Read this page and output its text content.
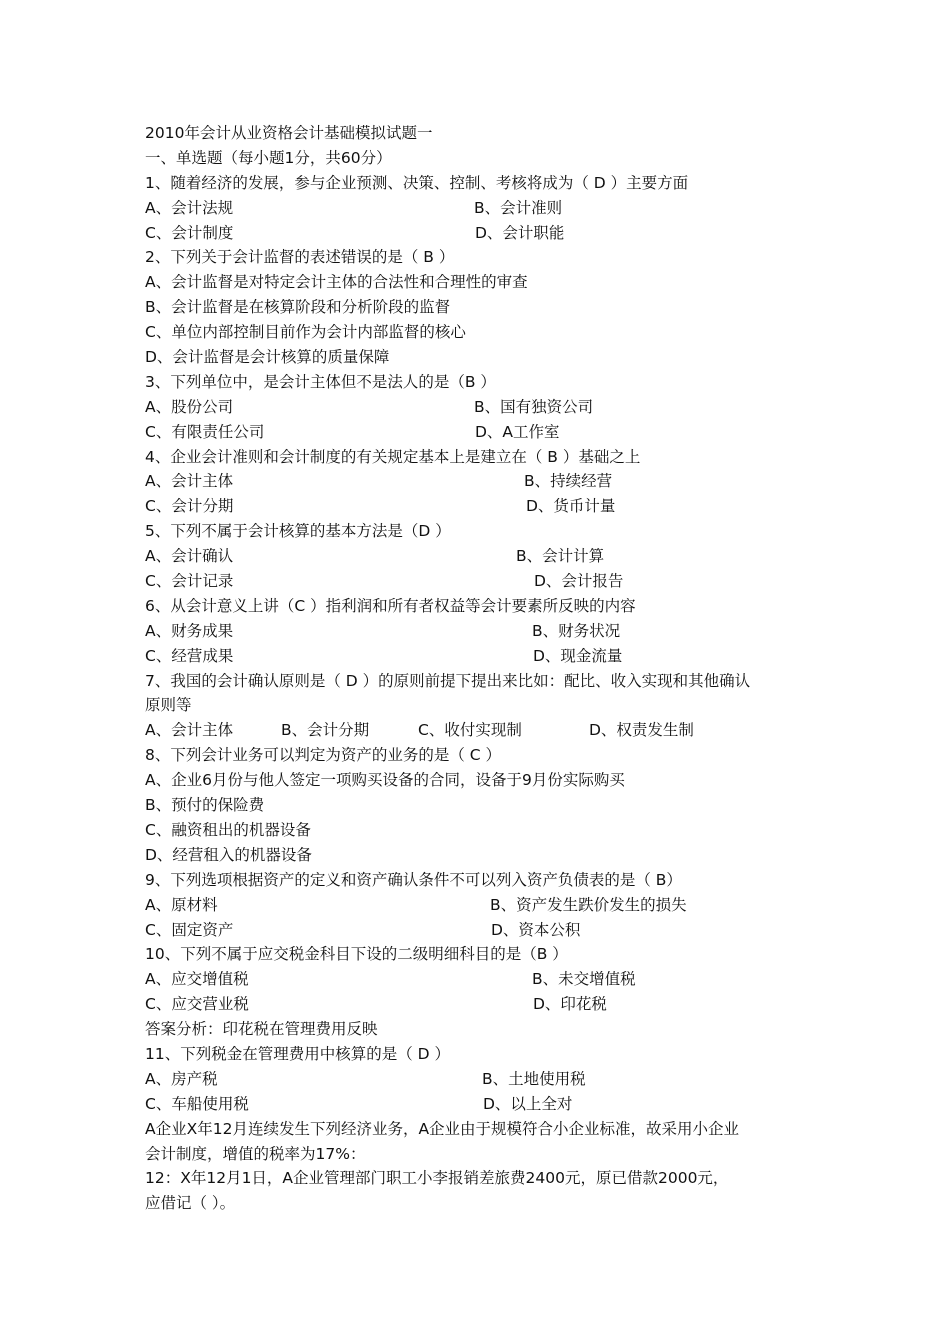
2010年会计从业资格会计基础模拟试题一
一、单选题（每小题1分，共60分）
1、随着经济的发展，参与企业预测、决策、控制、考核将成为（ D ）主要方面
A、会计法规	B、会计准则
C、会计制度	D、会计职能
2、下列关于会计监督的表述错误的是（ B ）
A、会计监督是对特定会计主体的合法性和合理性的审查
B、会计监督是在核算阶段和分析阶段的监督
C、单位内部控制目前作为会计内部监督的核心
D、会计监督是会计核算的质量保障
3、下列单位中，是会计主体但不是法人的是（B ）
A、股份公司	B、国有独资公司
C、有限责任公司	D、A工作室
4、企业会计准则和会计制度的有关规定基本上是建立在（ B ）基础之上
A、会计主体	B、持续经营
C、会计分期	D、货币计量
5、下列不属于会计核算的基本方法是（D ）
A、会计确认	B、会计计算
C、会计记录	D、会计报告
6、从会计意义上讲（C ）指利润和所有者权益等会计要素所反映的内容
A、财务成果	B、财务状况
C、经营成果	D、现金流量
7、我国的会计确认原则是（ D ）的原则前提下提出来比如：配比、收入实现和其他确认
原则等
A、会计主体	B、会计分期	C、收付实现制	D、权责发生制
8、下列会计业务可以判定为资产的业务的是（ C ）
A、企业6月份与他人签定一项购买设备的合同，设备于9月份实际购买
B、预付的保险费
C、融资租出的机器设备
D、经营租入的机器设备
9、下列选项根据资产的定义和资产确认条件不可以列入资产负债表的是（ B）
A、原材料	B、资产发生跌价发生的损失
C、固定资产	D、资本公积
10、下列不属于应交税金科目下设的二级明细科目的是（B ）
A、应交增值税	B、未交增值税
C、应交营业税	D、印花税
答案分析：印花税在管理费用反映
11、下列税金在管理费用中核算的是（ D ）
A、房产税	B、土地使用税
C、车船使用税	D、以上全对
A企业X年12月连续发生下列经济业务，A企业由于规模符合小企业标准，故采用小企业
会计制度，增值的税率为17%：
12：X年12月1日，A企业管理部门职工小李报销差旅费2400元，原已借款2000元，
应借记（ ）。
